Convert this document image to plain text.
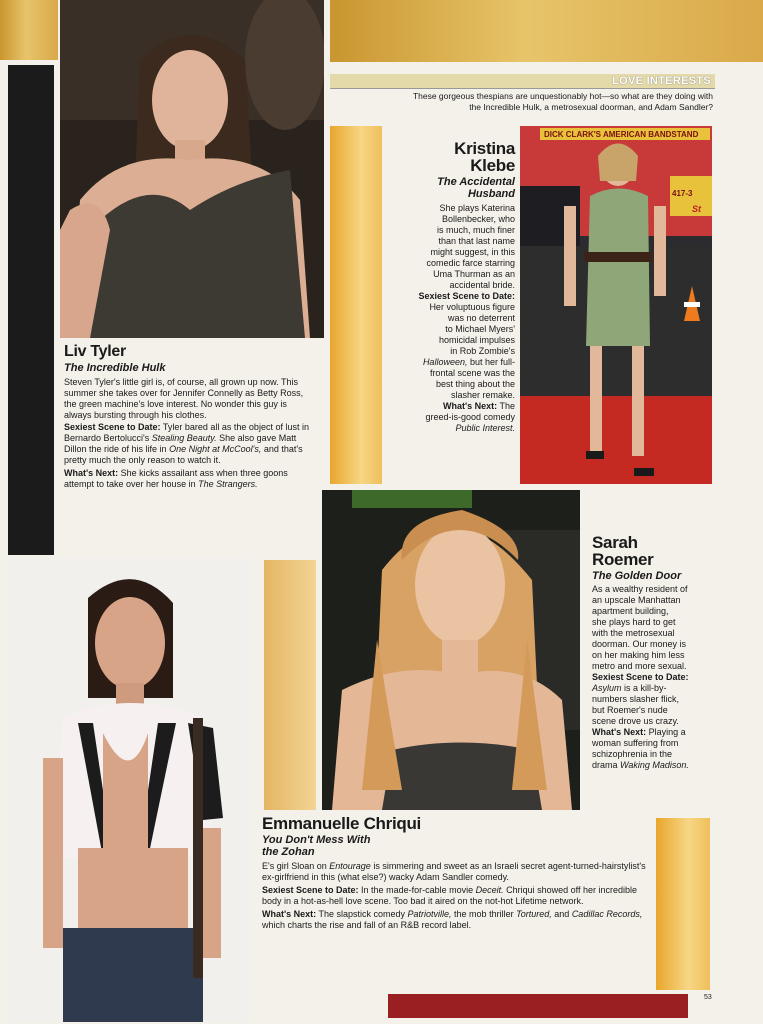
LOVE INTERESTS
These gorgeous thespians are unquestionably hot—so what are they doing with
the Incredible Hulk, a metrosexual doorman, and Adam Sandler?
Liv Tyler
The Incredible Hulk
Steven Tyler's little girl is, of course, all grown up now. This summer she takes over for Jennifer Connelly as Betty Ross, the green machine's love interest. No wonder this guy is always bursting through his clothes.
Sexiest Scene to Date: Tyler bared all as the object of lust in Bernardo Bertolucci's Stealing Beauty. She also gave Matt Dillon the ride of his life in One Night at McCool's, and that's pretty much the only reason to watch it.
What's Next: She kicks assailant ass when three goons attempt to take over her house in The Strangers.
Kristina
Klebe
The Accidental
Husband
She plays Katerina
Bollenbecker, who
is much, much finer
than that last name
might suggest, in this
comedic farce starring
Uma Thurman as an
accidental bride.
Sexiest Scene to Date:
Her voluptuous figure
was no deterrent
to Michael Myers'
homicidal impulses
in Rob Zombie's
Halloween, but her full-
frontal scene was the
best thing about the
slasher remake.
What's Next: The
greed-is-good comedy
Public Interest.
DICK CLARK'S AMERICAN BANDSTAND
417-3
St
Sarah
Roemer
The Golden Door
As a wealthy resident of
an upscale Manhattan
apartment building,
she plays hard to get
with the metrosexual
doorman. Our money is
on her making him less
metro and more sexual.
Sexiest Scene to Date:
Asylum is a kill-by-
numbers slasher flick,
but Roemer's nude
scene drove us crazy.
What's Next: Playing a
woman suffering from
schizophrenia in the
drama Waking Madison.
Emmanuelle Chriqui
You Don't Mess With
the Zohan
E's girl Sloan on Entourage is simmering and sweet as an Israeli secret agent-turned-hairstylist's ex-girlfriend in this (what else?) wacky Adam Sandler comedy.
Sexiest Scene to Date: In the made-for-cable movie Deceit. Chriqui showed off her incredible body in a hot-as-hell love scene. Too bad it aired on the not-hot Lifetime network.
What's Next: The slapstick comedy Patriotville, the mob thriller Tortured, and Cadillac Records, which charts the rise and fall of an R&B record label.
53
